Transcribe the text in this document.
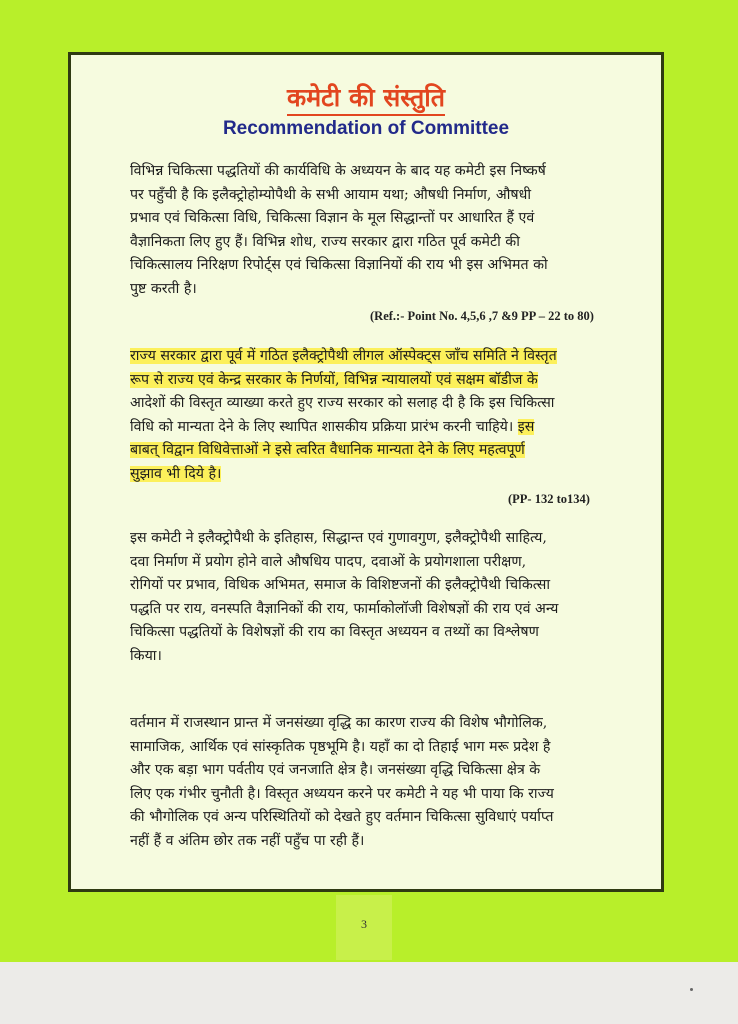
कमेटी की संस्तुति
Recommendation of Committee
विभिन्न चिकित्सा पद्धतियों की कार्यविधि के अध्ययन के बाद यह कमेटी इस निष्कर्ष
पर पहुँची है कि इलैक्ट्रोहोम्योपैथी के सभी आयाम यथा; औषधी निर्माण, औषधी
प्रभाव एवं चिकित्सा विधि, चिकित्सा विज्ञान के मूल सिद्धान्तों पर आधारित हैं एवं
वैज्ञानिकता लिए हुए हैं। विभिन्न शोध, राज्य सरकार द्वारा गठित पूर्व कमेटी की
चिकित्सालय निरिक्षण रिपोर्ट्स एवं चिकित्सा विज्ञानियों की राय भी इस अभिमत को
पुष्ट करती है।
(Ref.:- Point No. 4,5,6 ,7 &9 PP – 22 to 80)
राज्य सरकार द्वारा पूर्व में गठित इलैक्ट्रोपैथी लीगल ऑस्पेक्ट्स जाँच समिति ने विस्तृत
रूप से राज्य एवं केन्द्र सरकार के निर्णयों, विभिन्न न्यायालयों एवं सक्षम बॉडीज के
आदेशों की विस्तृत व्याख्या करते हुए राज्य सरकार को सलाह दी है कि इस चिकित्सा
विधि को मान्यता देने के लिए स्थापित शासकीय प्रक्रिया प्रारंभ करनी चाहिये। इस
बाबत् विद्वान विधिवेत्ताओं ने इसे त्वरित वैधानिक मान्यता देने के लिए महत्वपूर्ण
सुझाव भी दिये है।
(PP- 132 to134)
इस कमेटी ने इलैक्ट्रोपैथी के इतिहास, सिद्धान्त एवं गुणावगुण, इलैक्ट्रोपैथी साहित्य,
दवा निर्माण में प्रयोग होने वाले औषधिय पादप, दवाओं के प्रयोगशाला परीक्षण,
रोगियों पर प्रभाव, विधिक अभिमत, समाज के विशिष्टजनों की इलैक्ट्रोपैथी चिकित्सा
पद्धति पर राय, वनस्पति वैज्ञानिकों की राय, फार्माकोलॉजी विशेषज्ञों की राय एवं अन्य
चिकित्सा पद्धतियों के विशेषज्ञों की राय का विस्तृत अध्ययन व तथ्यों का विश्लेषण
किया।
वर्तमान में राजस्थान प्रान्त में जनसंख्या वृद्धि का कारण राज्य की विशेष भौगोलिक,
सामाजिक, आर्थिक एवं सांस्कृतिक पृष्ठभूमि है। यहाँ का दो तिहाई भाग मरू प्रदेश है
और एक बड़ा भाग पर्वतीय एवं जनजाति क्षेत्र है। जनसंख्या वृद्धि चिकित्सा क्षेत्र के
लिए एक गंभीर चुनौती है। विस्तृत अध्ययन करने पर कमेटी ने यह भी पाया कि राज्य
की भौगोलिक एवं अन्य परिस्थितियों को देखते हुए वर्तमान चिकित्सा सुविधाएं पर्याप्त
नहीं हैं व अंतिम छोर तक नहीं पहुँच पा रही हैं।
3
